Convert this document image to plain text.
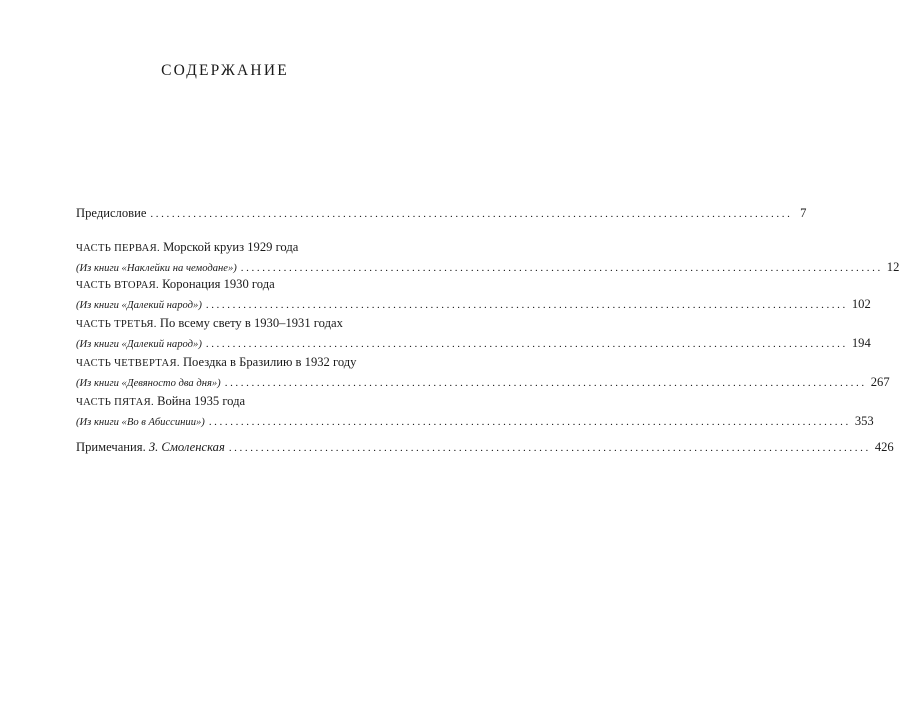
СОДЕРЖАНИЕ
Предисловие ........................................................................................................................ 7
ЧАСТЬ ПЕРВАЯ. Морской круиз 1929 года
(Из книги «Наклейки на чемодане») ........................................................................................................................ 12
ЧАСТЬ ВТОРАЯ. Коронация 1930 года
(Из книги «Далекий народ») ........................................................................................................................ 102
ЧАСТЬ ТРЕТЬЯ. По всему свету в 1930–1931 годах
(Из книги «Далекий народ») ........................................................................................................................ 194
ЧАСТЬ ЧЕТВЕРТАЯ. Поездка в Бразилию в 1932 году
(Из книги «Девяносто два дня») ........................................................................................................................ 267
ЧАСТЬ ПЯТАЯ. Война 1935 года
(Из книги «Во в Абиссинии») ........................................................................................................................ 353
Примечания. З. Смоленская ........................................................................................................................ 426
